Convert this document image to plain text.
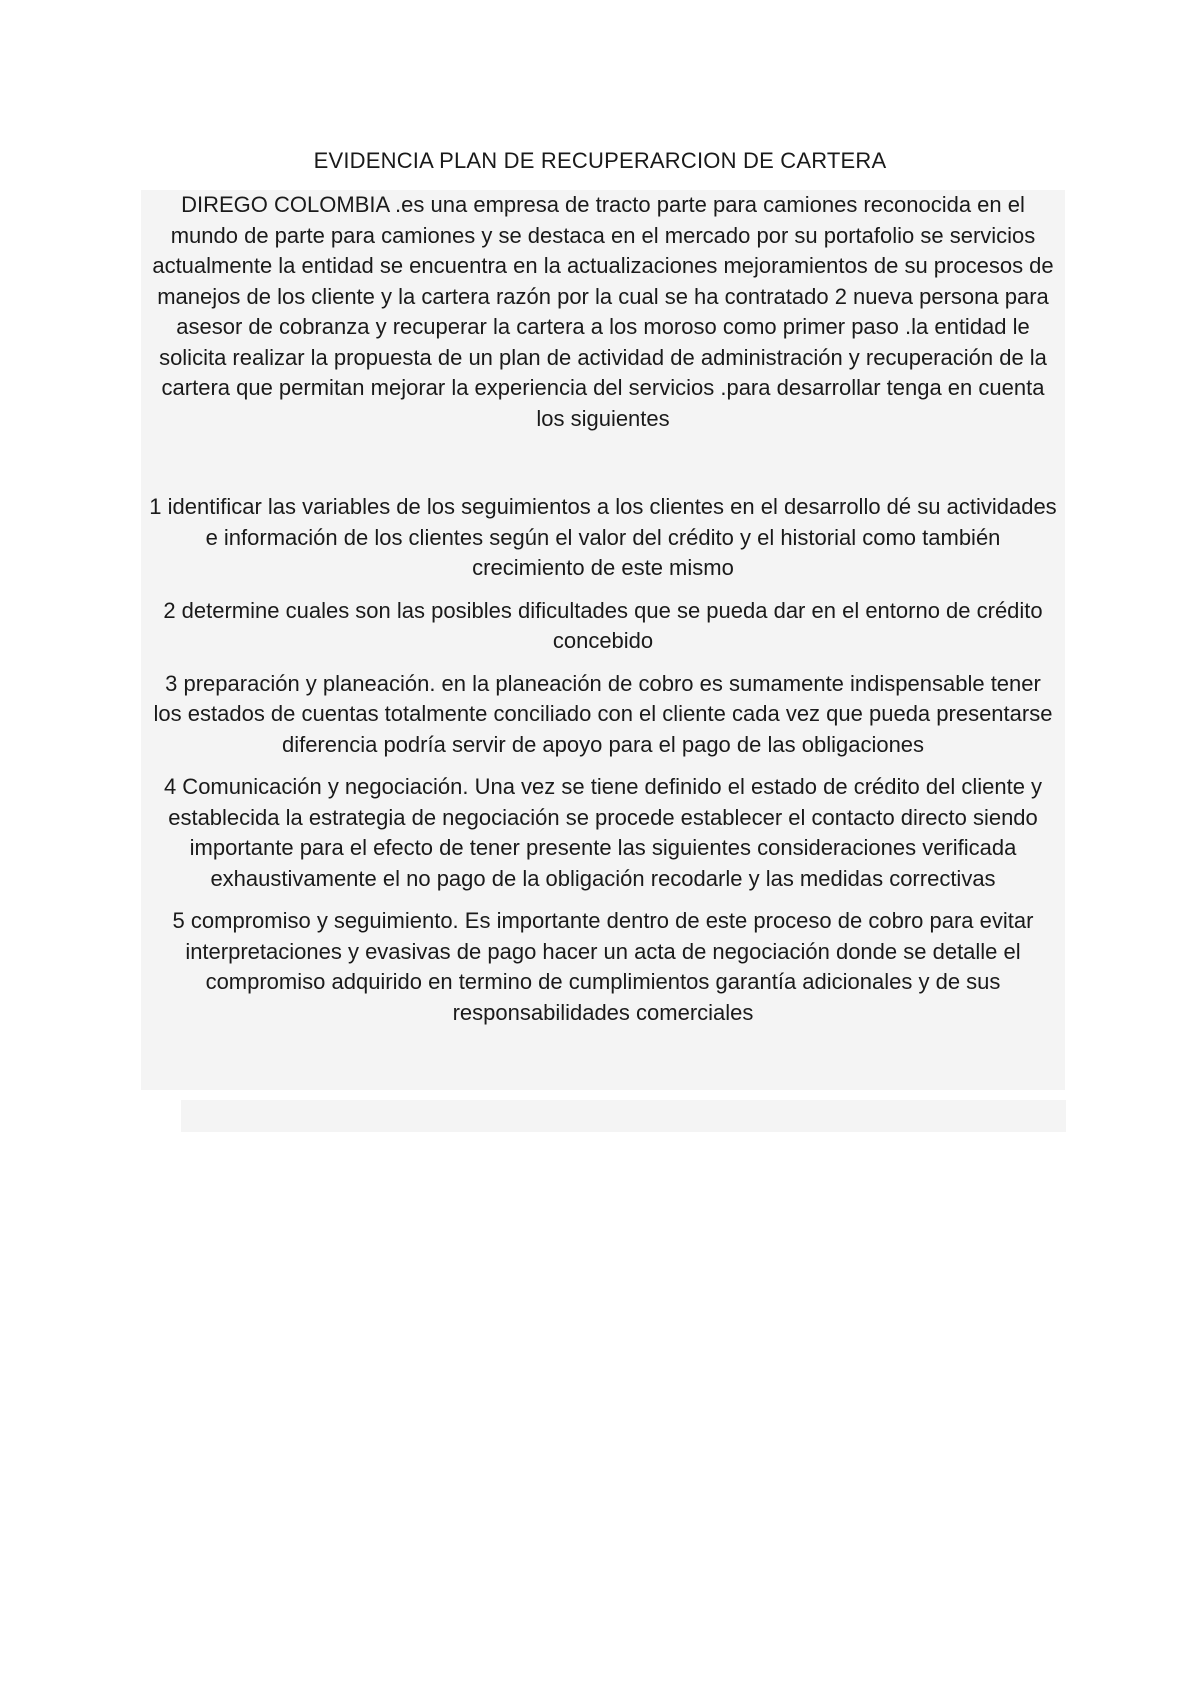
EVIDENCIA PLAN DE RECUPERARCION DE CARTERA

DIREGO COLOMBIA .es una empresa de tracto parte para camiones reconocida en el mundo de parte para camiones y se destaca en el mercado por su portafolio se servicios actualmente la entidad se encuentra en la actualizaciones mejoramientos de su procesos de manejos de los cliente y la cartera razón por la cual se ha contratado 2 nueva persona para asesor de cobranza y recuperar la cartera a los moroso como primer paso .la entidad le solicita realizar la propuesta de un plan de actividad de administración y recuperación de la cartera que permitan mejorar la experiencia del servicios .para desarrollar tenga en cuenta los siguientes

1 identificar las variables de los seguimientos a los clientes en el desarrollo dé su actividades e información de los clientes según el valor del crédito y el historial como también crecimiento de este mismo

2 determine cuales son las posibles dificultades que se pueda dar en el entorno de crédito concebido

3 preparación y planeación. en la planeación de cobro es sumamente indispensable tener los estados de cuentas totalmente conciliado con el cliente cada vez que pueda presentarse diferencia podría servir de apoyo para el pago de las obligaciones

4 Comunicación y negociación. Una vez se tiene definido el estado de crédito del cliente y establecida la estrategia de negociación se procede establecer el contacto directo siendo importante para el efecto de tener presente las siguientes consideraciones verificada exhaustivamente el no pago de la obligación recodarle y las medidas correctivas

5 compromiso y seguimiento. Es importante dentro de este proceso de cobro para evitar interpretaciones y evasivas de pago hacer un acta de negociación donde se detalle el compromiso adquirido en termino de cumplimientos garantía adicionales y de sus responsabilidades comerciales
